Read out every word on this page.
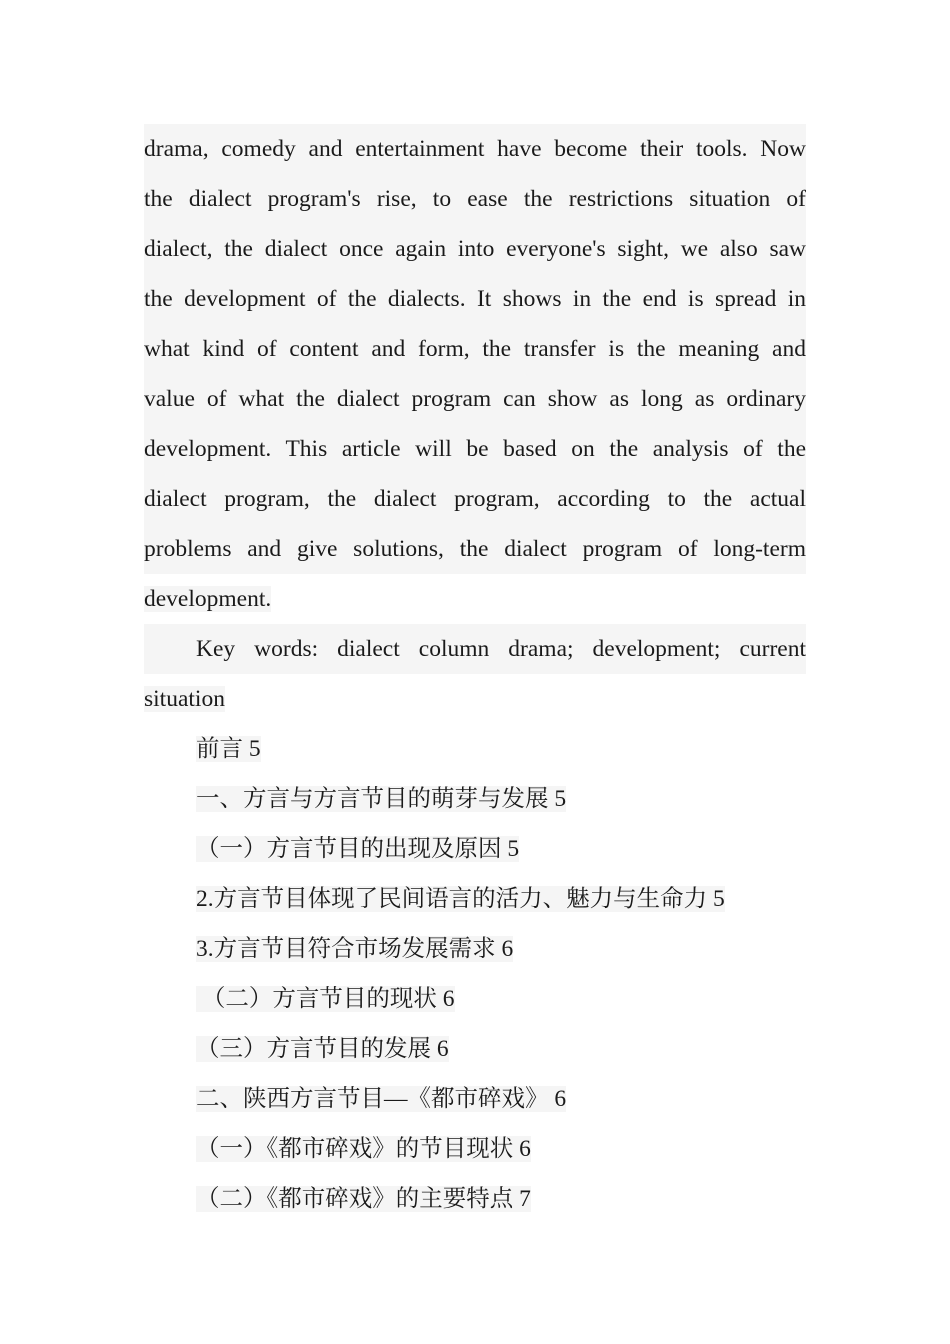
drama, comedy and entertainment have become their tools. Now
the dialect program's rise, to ease the restrictions situation of
dialect, the dialect once again into everyone's sight, we also saw
the development of the dialects. It shows in the end is spread in
what kind of content and form, the transfer is the meaning and
value of what the dialect program can show as long as ordinary
development. This article will be based on the analysis of the
dialect program, the dialect program, according to the actual
problems and give solutions, the dialect program of long-term
development.
Key words: dialect column drama; development; current
situation
前言 5
一、方言与方言节目的萌芽与发展 5
（一）方言节目的出现及原因 5
2.方言节目体现了民间语言的活力、魅力与生命力 5
3.方言节目符合市场发展需求 6
（二）方言节目的现状 6
（三）方言节目的发展 6
二、陕西方言节目—《都市碎戏》 6
（一）《都市碎戏》的节目现状 6
（二）《都市碎戏》的主要特点 7
